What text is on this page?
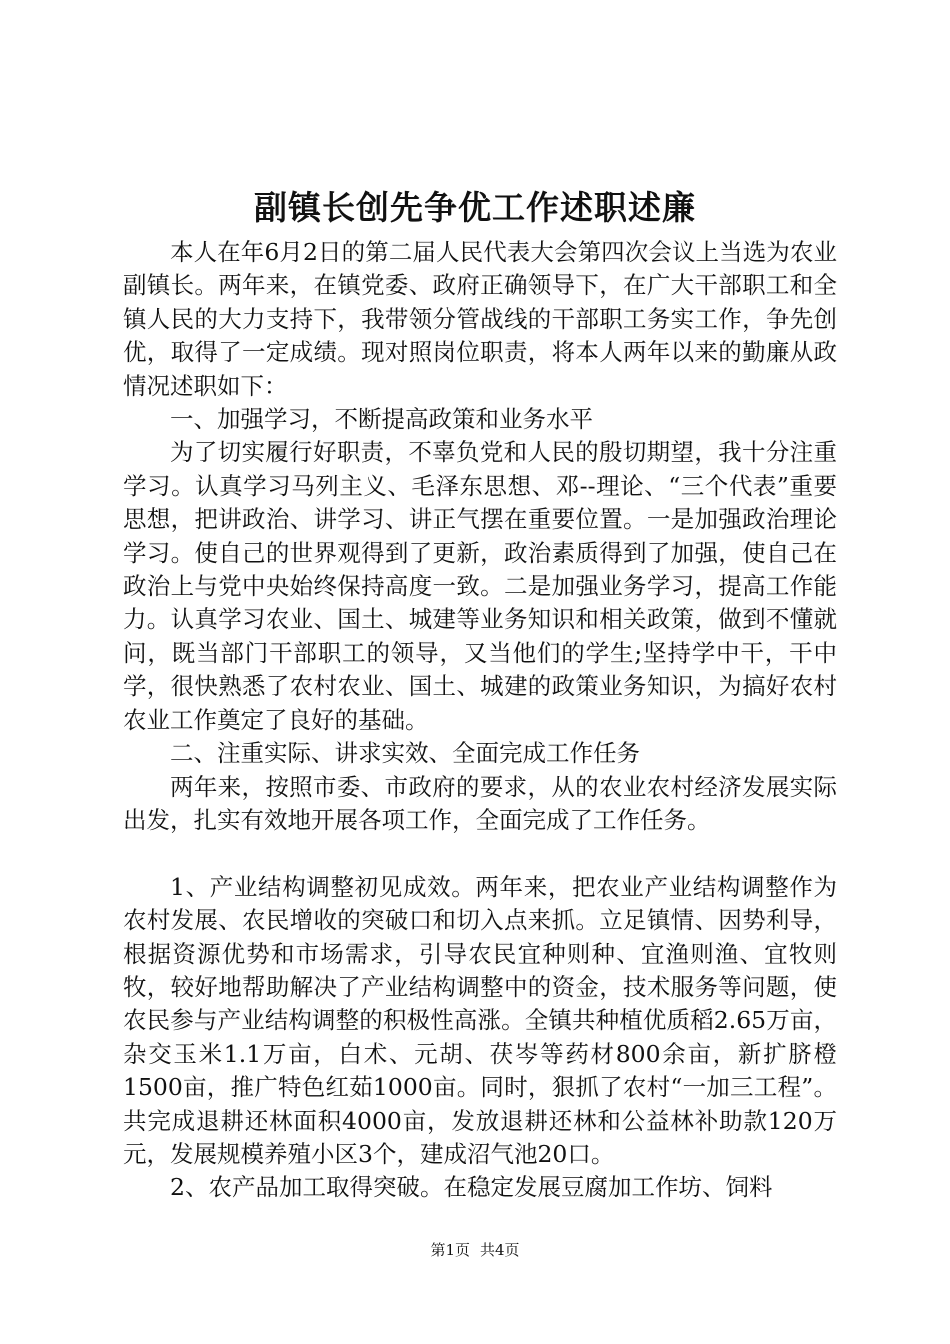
副镇长创先争优工作述职述廉

本人在年6月2日的第二届人民代表大会第四次会议上当选为农业副镇长。两年来，在镇党委、政府正确领导下，在广大干部职工和全镇人民的大力支持下，我带领分管战线的干部职工务实工作，争先创优，取得了一定成绩。现对照岗位职责，将本人两年以来的勤廉从政情况述职如下：

一、加强学习，不断提高政策和业务水平

为了切实履行好职责，不辜负党和人民的殷切期望，我十分注重学习。认真学习马列主义、毛泽东思想、邓--理论、“三个代表”重要思想，把讲政治、讲学习、讲正气摆在重要位置。一是加强政治理论学习。使自己的世界观得到了更新，政治素质得到了加强，使自己在政治上与党中央始终保持高度一致。二是加强业务学习，提高工作能力。认真学习农业、国土、城建等业务知识和相关政策，做到不懂就问，既当部门干部职工的领导，又当他们的学生;坚持学中干，干中学，很快熟悉了农村农业、国土、城建的政策业务知识，为搞好农村农业工作奠定了良好的基础。

二、注重实际、讲求实效、全面完成工作任务

两年来，按照市委、市政府的要求，从的农业农村经济发展实际出发，扎实有效地开展各项工作，全面完成了工作任务。

1、产业结构调整初见成效。两年来，把农业产业结构调整作为农村发展、农民增收的突破口和切入点来抓。立足镇情、因势利导，根据资源优势和市场需求，引导农民宜种则种、宜渔则渔、宜牧则牧，较好地帮助解决了产业结构调整中的资金，技术服务等问题，使农民参与产业结构调整的积极性高涨。全镇共种植优质稻2.65万亩，杂交玉米1.1万亩，白术、元胡、茯岑等药材800余亩，新扩脐橙1500亩，推广特色红茹1000亩。同时，狠抓了农村“一加三工程”。共完成退耕还林面积4000亩，发放退耕还林和公益林补助款120万元，发展规模养殖小区3个，建成沼气池20口。

2、农产品加工取得突破。在稳定发展豆腐加工作坊、饲料

第1页 共4页
